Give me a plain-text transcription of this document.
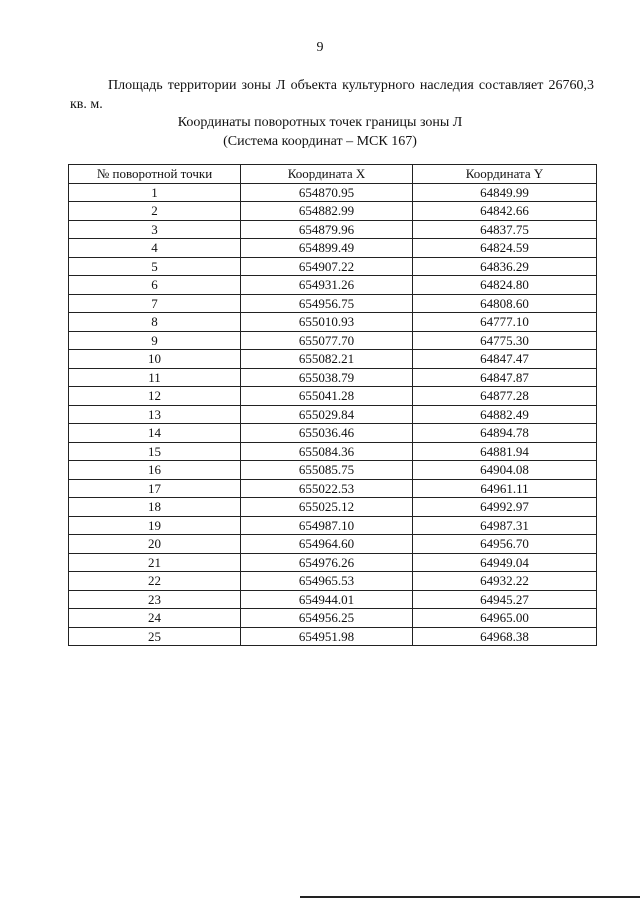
9

Площадь территории зоны Л объекта культурного наследия составляет 26760,3 кв. м.

Координаты поворотных точек границы зоны Л
(Система координат – МСК 167)
№ поворотной точки	Координата X	Координата Y
1	654870.95	64849.99
2	654882.99	64842.66
3	654879.96	64837.75
4	654899.49	64824.59
5	654907.22	64836.29
6	654931.26	64824.80
7	654956.75	64808.60
8	655010.93	64777.10
9	655077.70	64775.30
10	655082.21	64847.47
11	655038.79	64847.87
12	655041.28	64877.28
13	655029.84	64882.49
14	655036.46	64894.78
15	655084.36	64881.94
16	655085.75	64904.08
17	655022.53	64961.11
18	655025.12	64992.97
19	654987.10	64987.31
20	654964.60	64956.70
21	654976.26	64949.04
22	654965.53	64932.22
23	654944.01	64945.27
24	654956.25	64965.00
25	654951.98	64968.38
